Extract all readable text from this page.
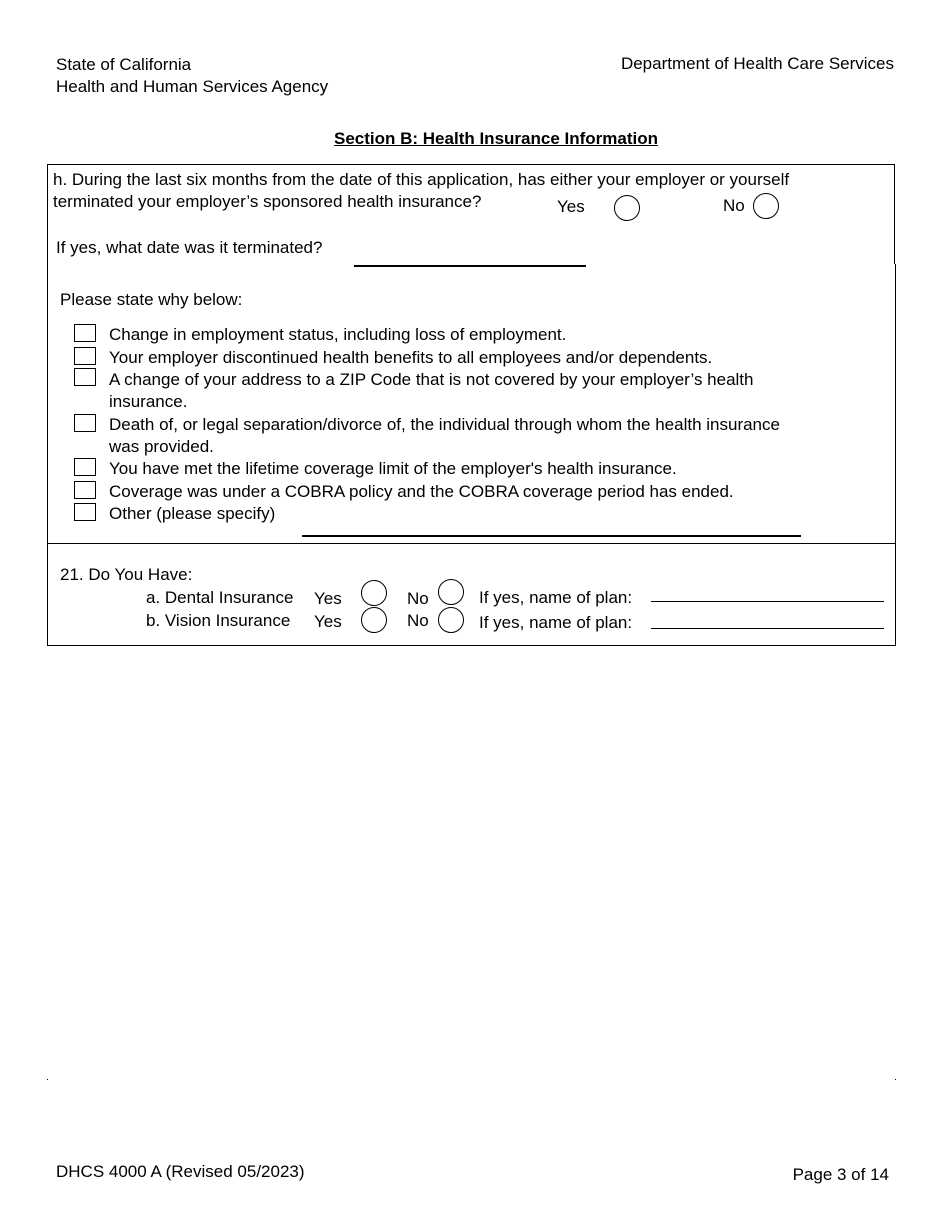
State of California
Health and Human Services Agency
Department of Health Care Services
Section B: Health Insurance Information
h. During the last six months from the date of this application, has either your employer or yourself
terminated your employer’s sponsored health insurance?	Yes	No
If yes, what date was it terminated?
Please state why below:
Change in employment status, including loss of employment.
Your employer discontinued health benefits to all employees and/or dependents.
A change of your address to a ZIP Code that is not covered by your employer’s health
insurance.
Death of, or legal separation/divorce of, the individual through whom the health insurance
was provided.
You have met the lifetime coverage limit of the employer's health insurance.
Coverage was under a COBRA policy and the COBRA coverage period has ended.
Other (please specify)
21. Do You Have:
a. Dental Insurance Yes	No	If yes, name of plan:
b. Vision Insurance Yes	No	If yes, name of plan:
DHCS 4000 A (Revised 05/2023)	Page 3 of 14
